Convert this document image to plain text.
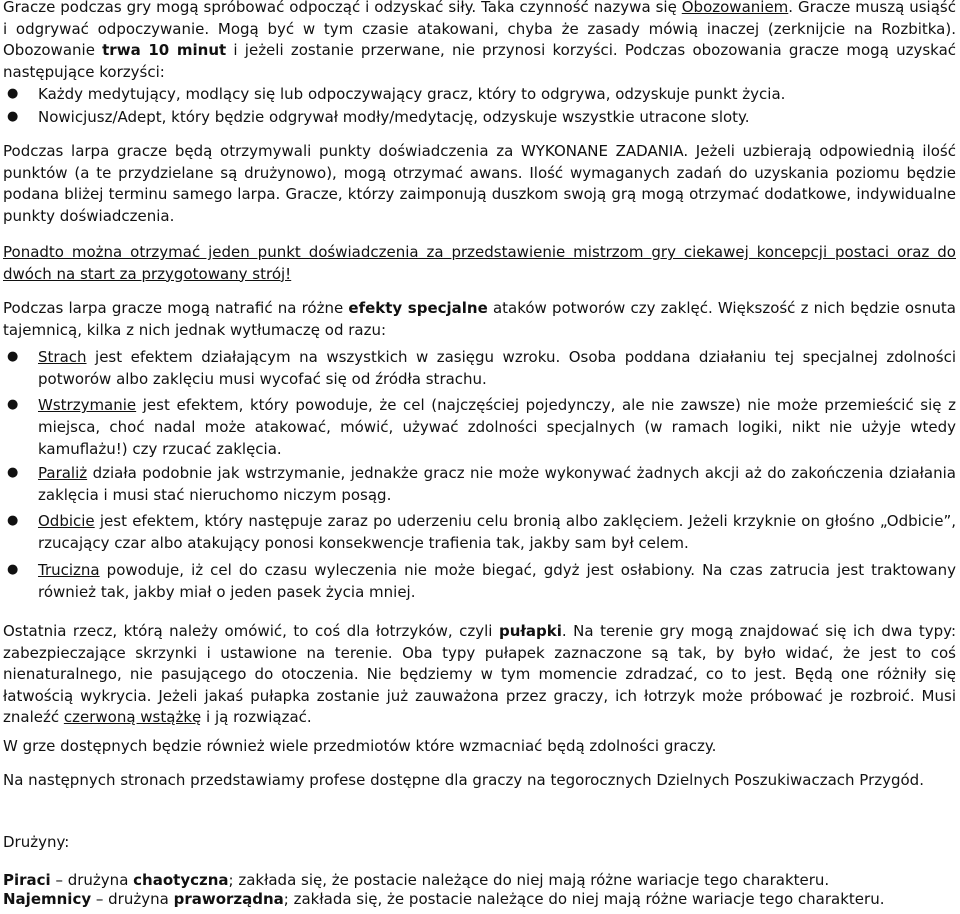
Gracze podczas gry mogą spróbować odpocząć i odzyskać siły. Taka czynność nazywa się Obozowaniem. Gracze muszą usiąść i odgrywać odpoczywanie. Mogą być w tym czasie atakowani, chyba że zasady mówią inaczej (zerknijcie na Rozbitka). Obozowanie trwa 10 minut i jeżeli zostanie przerwane, nie przynosi korzyści. Podczas obozowania gracze mogą uzyskać następujące korzyści:

● Każdy medytujący, modlący się lub odpoczywający gracz, który to odgrywa, odzyskuje punkt życia.
● Nowicjusz/Adept, który będzie odgrywał modły/medytację, odzyskuje wszystkie utracone sloty.

Podczas larpa gracze będą otrzymywali punkty doświadczenia za WYKONANE ZADANIA. Jeżeli uzbierają odpowiednią ilość punktów (a te przydzielane są drużynowo), mogą otrzymać awans. Ilość wymaganych zadań do uzyskania poziomu będzie podana bliżej terminu samego larpa. Gracze, którzy zaimponują duszkom swoją grą mogą otrzymać dodatkowe, indywidualne punkty doświadczenia.

Ponadto można otrzymać jeden punkt doświadczenia za przedstawienie mistrzom gry ciekawej koncepcji postaci oraz do dwóch na start za przygotowany strój!

Podczas larpa gracze mogą natrafić na różne efekty specjalne ataków potworów czy zaklęć. Większość z nich będzie osnuta tajemnicą, kilka z nich jednak wytłumaczę od razu:

● Strach jest efektem działającym na wszystkich w zasięgu wzroku. Osoba poddana działaniu tej specjalnej zdolności potworów albo zaklęciu musi wycofać się od źródła strachu.
● Wstrzymanie jest efektem, który powoduje, że cel (najczęściej pojedynczy, ale nie zawsze) nie może przemieścić się z miejsca, choć nadal może atakować, mówić, używać zdolności specjalnych (w ramach logiki, nikt nie użyje wtedy kamuflażu!) czy rzucać zaklęcia.
● Paraliż działa podobnie jak wstrzymanie, jednakże gracz nie może wykonywać żadnych akcji aż do zakończenia działania zaklęcia i musi stać nieruchomo niczym posąg.
● Odbicie jest efektem, który następuje zaraz po uderzeniu celu bronią albo zaklęciem. Jeżeli krzyknie on głośno „Odbicie”, rzucający czar albo atakujący ponosi konsekwencje trafienia tak, jakby sam był celem.
● Trucizna powoduje, iż cel do czasu wyleczenia nie może biegać, gdyż jest osłabiony. Na czas zatrucia jest traktowany również tak, jakby miał o jeden pasek życia mniej.

Ostatnia rzecz, którą należy omówić, to coś dla łotrzyków, czyli pułapki. Na terenie gry mogą znajdować się ich dwa typy: zabezpieczające skrzynki i ustawione na terenie. Oba typy pułapek zaznaczone są tak, by było widać, że jest to coś nienaturalnego, nie pasującego do otoczenia. Nie będziemy w tym momencie zdradzać, co to jest. Będą one różniły się łatwością wykrycia. Jeżeli jakaś pułapka zostanie już zauważona przez graczy, ich łotrzyk może próbować je rozbroić. Musi znaleźć czerwoną wstążkę i ją rozwiązać.

W grze dostępnych będzie również wiele przedmiotów które wzmacniać będą zdolności graczy.

Na następnych stronach przedstawiamy profese dostępne dla graczy na tegorocznych Dzielnych Poszukiwaczach Przygód.

Drużyny:

Piraci – drużyna chaotyczna; zakłada się, że postacie należące do niej mają różne wariacje tego charakteru.

Najemnicy – drużyna praworządna; zakłada się, że postacie należące do niej mają różne wariacje tego charakteru.
